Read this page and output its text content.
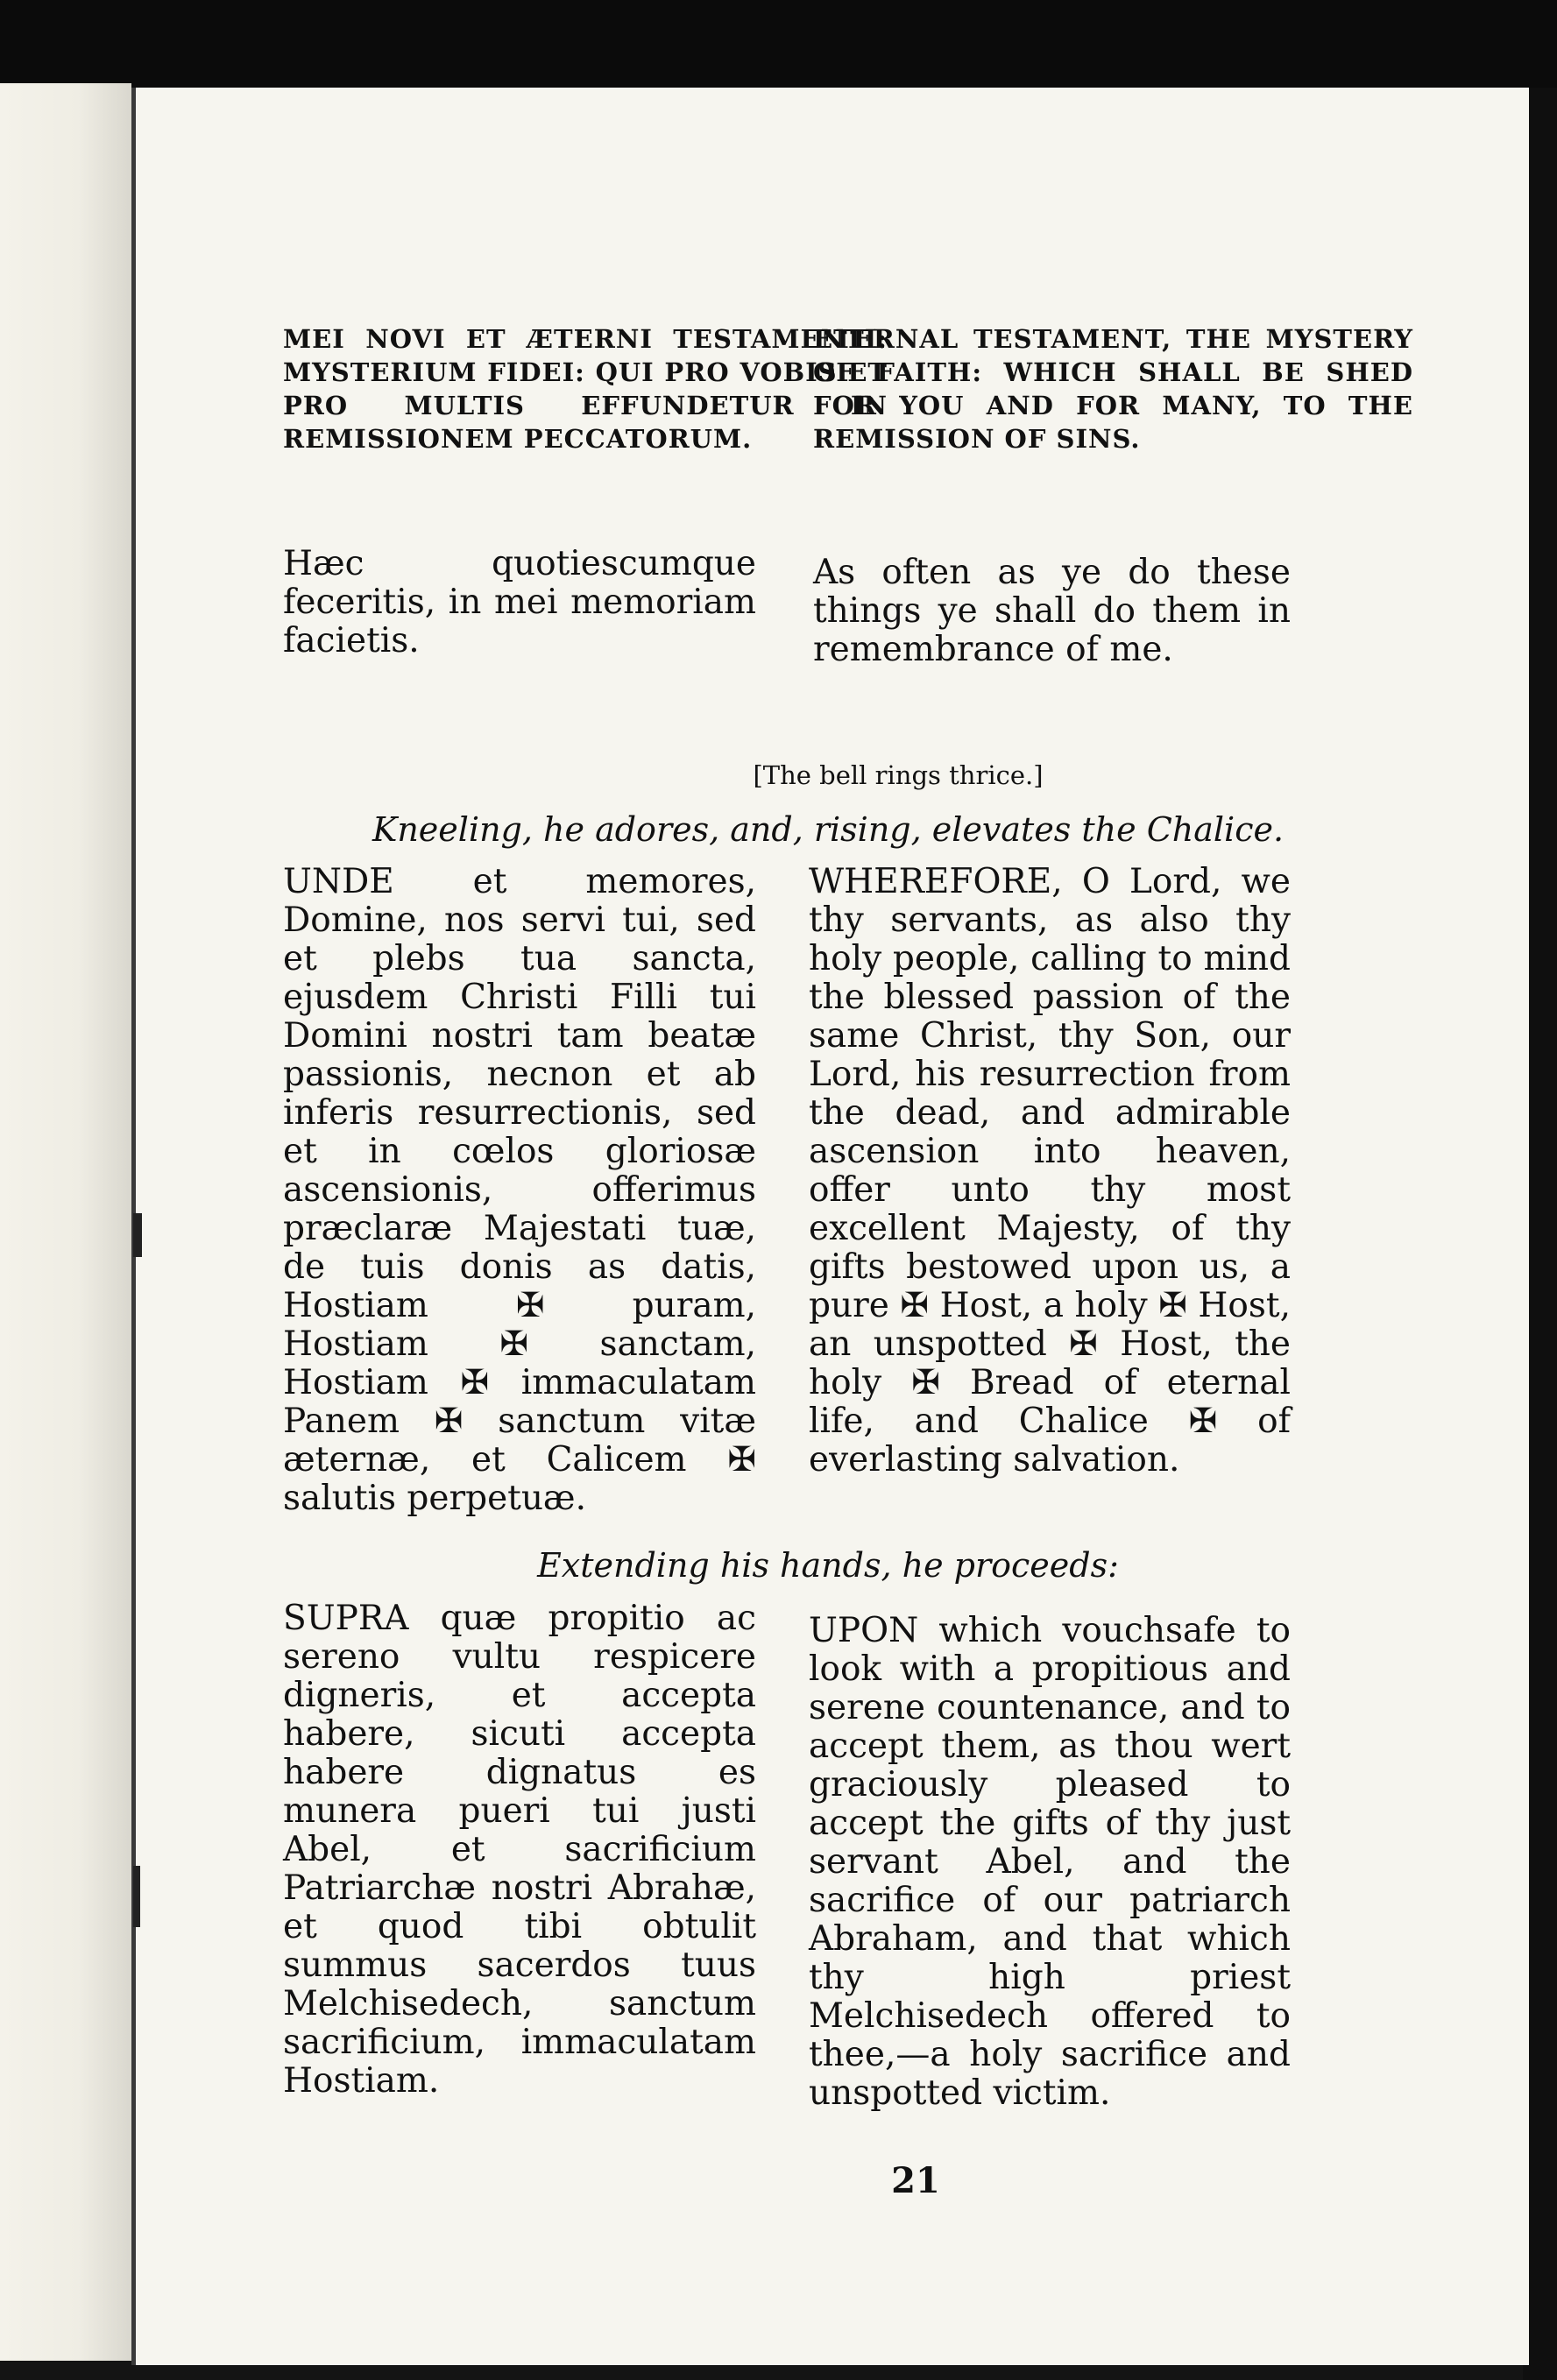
MEI NOVI ET ÆTERNI TESTAMENTI: MYSTERIUM FIDEI: QUI PRO VOBIS ET PRO MULTIS EFFUNDETUR IN REMISSIONEM PECCATORUM.

ETERNAL TESTAMENT, THE MYSTERY OF FAITH: WHICH SHALL BE SHED FOR YOU AND FOR MANY, TO THE REMISSION OF SINS.

Hæc quotiescumque feceritis, in mei memoriam facietis.

As often as ye do these things ye shall do them in remembrance of me.

[The bell rings thrice.]
Kneeling, he adores, and, rising, elevates the Chalice.

UNDE et memores, Domine, nos servi tui, sed et plebs tua sancta, ejusdem Christi Filli tui Domini nostri tam beatæ passionis, necnon et ab inferis resurrectionis, sed et in cœlos gloriosæ ascensionis, offerimus præclaræ Majestati tuæ, de tuis donis as datis, Hostiam ✠ puram, Hostiam ✠ sanctam, Hostiam ✠ immaculatam Panem ✠ sanctum vitæ æternæ, et Calicem ✠ salutis perpetuæ.

WHEREFORE, O Lord, we thy servants, as also thy holy people, calling to mind the blessed passion of the same Christ, thy Son, our Lord, his resurrection from the dead, and admirable ascension into heaven, offer unto thy most excellent Majesty, of thy gifts bestowed upon us, a pure ✠ Host, a holy ✠ Host, an unspotted ✠ Host, the holy ✠ Bread of eternal life, and Chalice ✠ of everlasting salvation.

Extending his hands, he proceeds:

SUPRA quæ propitio ac sereno vultu respicere digneris, et accepta habere, sicuti accepta habere dignatus es munera pueri tui justi Abel, et sacrificium Patriarchæ nostri Abrahæ, et quod tibi obtulit summus sacerdos tuus Melchisedech, sanctum sacrificium, immaculatam Hostiam.

UPON which vouchsafe to look with a propitious and serene countenance, and to accept them, as thou wert graciously pleased to accept the gifts of thy just servant Abel, and the sacrifice of our patriarch Abraham, and that which thy high priest Melchisedech offered to thee,—a holy sacrifice and unspotted victim.

21
